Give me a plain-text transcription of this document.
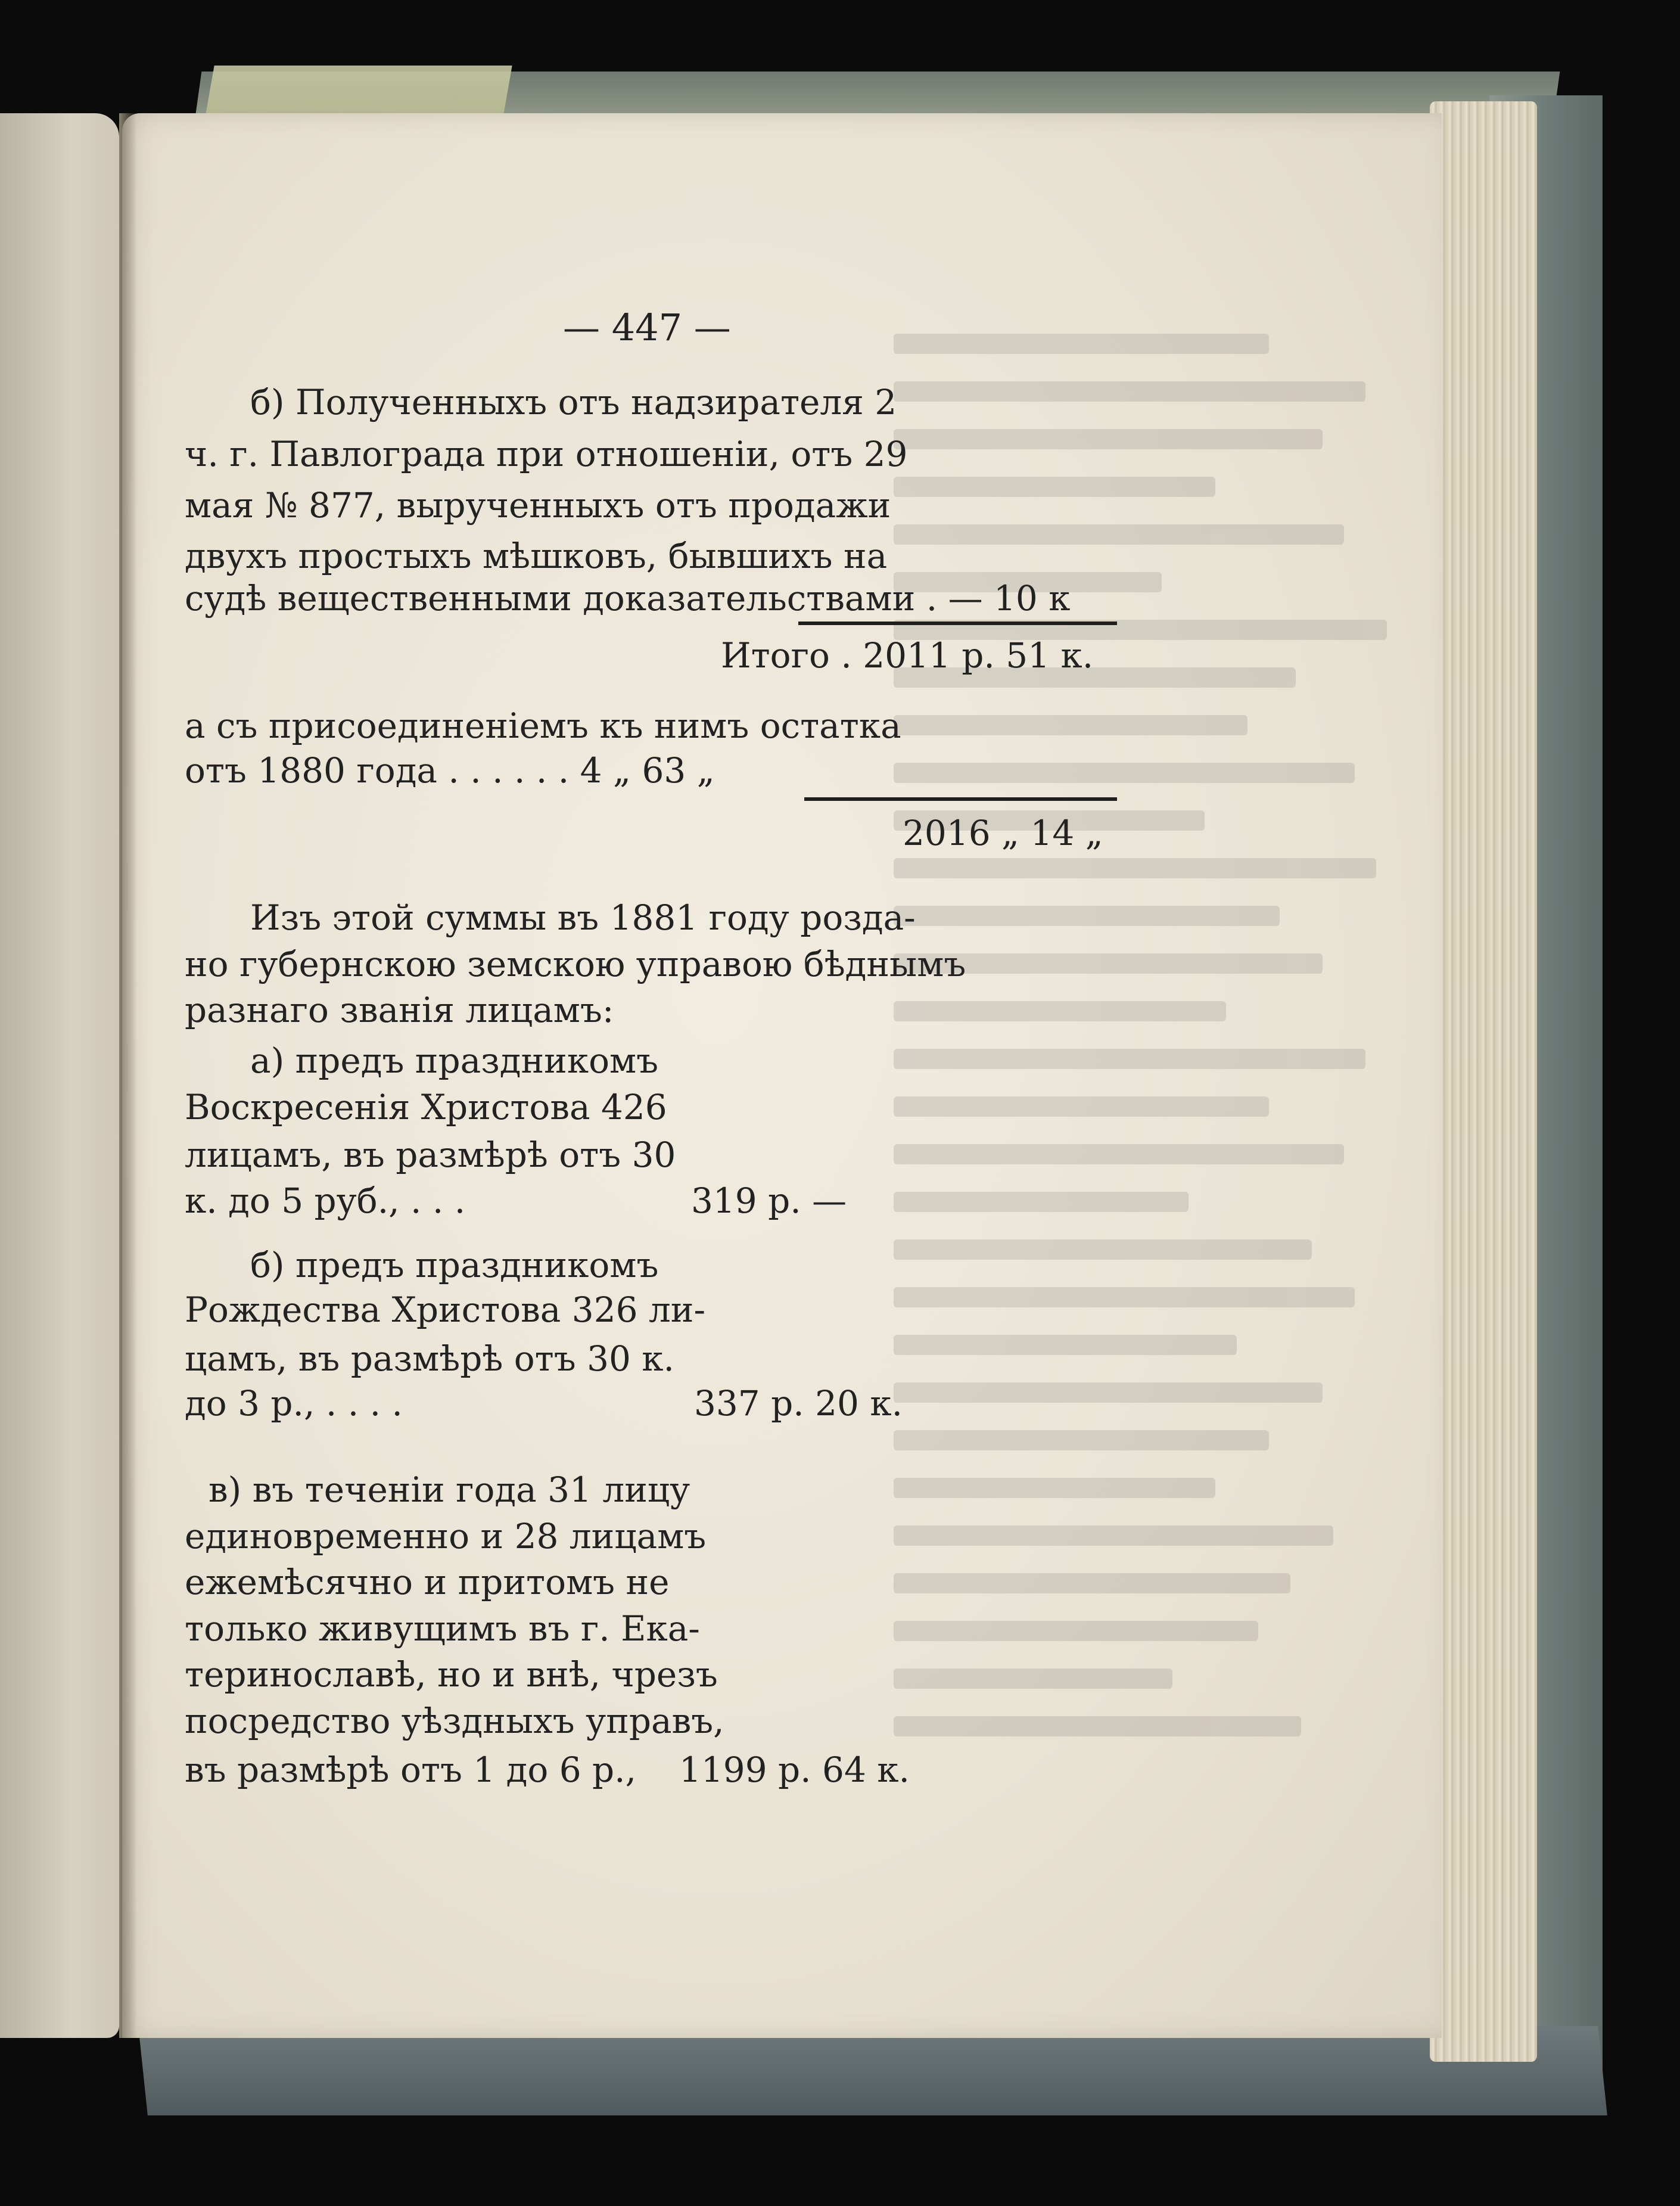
— 447 —
б) Полученныхъ отъ надзирателя 2
ч. г. Павлограда при отношеніи, отъ 29
мая № 877, вырученныхъ отъ продажи
двухъ простыхъ мѣшковъ, бывшихъ на
судѣ вещественными доказательствами . — 10 к
Итого . 2011 р. 51 к.
а съ присоединеніемъ къ нимъ остатка
отъ 1880 года . . . . . . 4 „ 63 „
2016 „ 14 „
Изъ этой суммы въ 1881 году розда-
но губернскою земскою управою бѣднымъ
разнаго званія лицамъ:
а) предъ праздникомъ
Воскресенія Христова 426
лицамъ, въ размѣрѣ отъ 30
к. до 5 руб., . . .	319 р. —
б) предъ праздникомъ
Рождества Христова 326 ли-
цамъ, въ размѣрѣ отъ 30 к.
до 3 р., . . . .	337 р. 20 к.
в) въ теченіи года 31 лицу
единовременно и 28 лицамъ
ежемѣсячно и притомъ не
только живущимъ въ г. Ека-
теринославѣ, но и внѣ, чрезъ
посредство уѣздныхъ управъ,
въ размѣрѣ отъ 1 до 6 р., 1199 р. 64 к.
